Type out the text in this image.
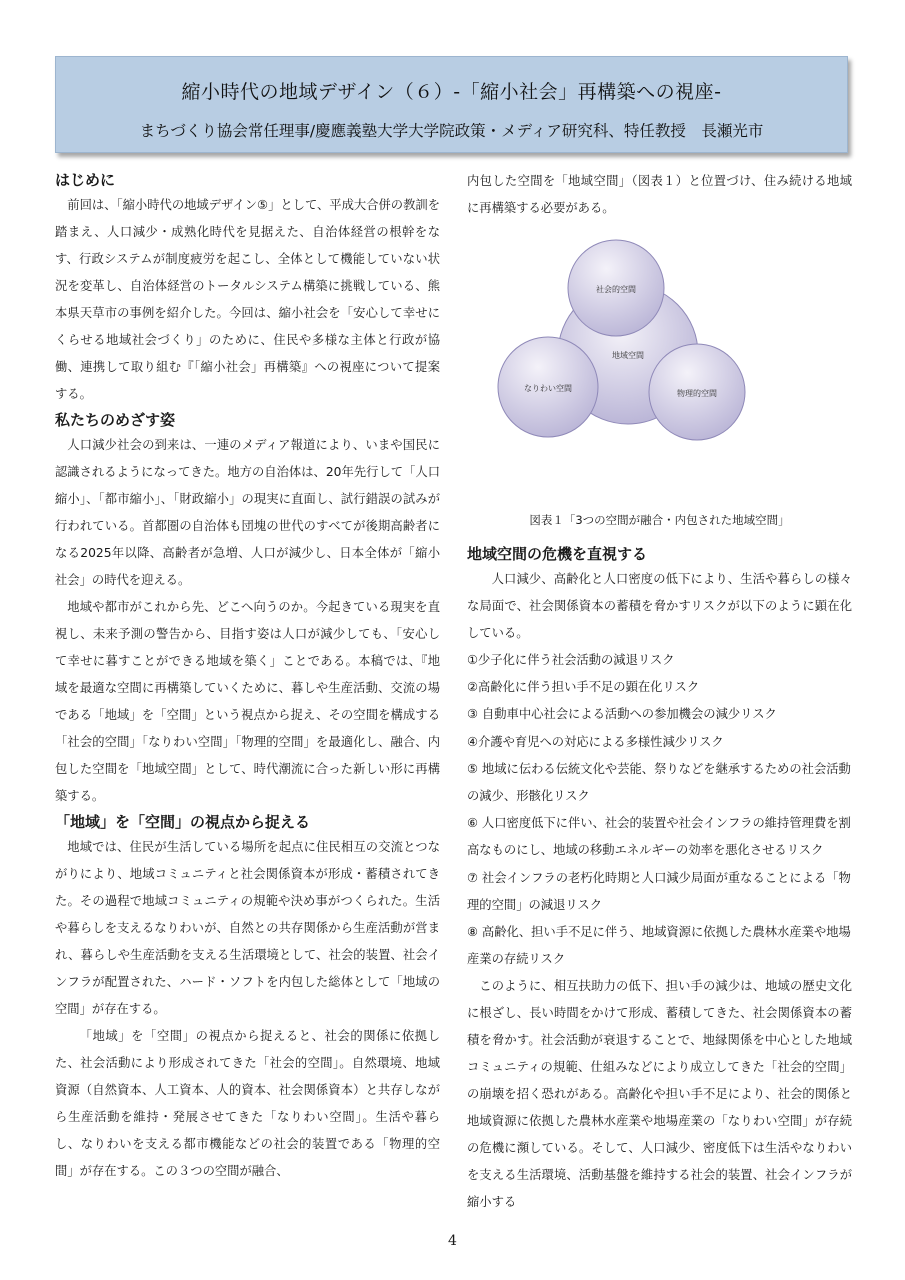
縮小時代の地域デザイン（６）-「縮小社会」再構築への視座-
まちづくり協会常任理事/慶應義塾大学大学院政策・メディア研究科、特任教授　長瀬光市
はじめに

前回は、「縮小時代の地域デザイン⑤」として、平成大合併の教訓を踏まえ、人口減少・成熟化時代を見据えた、自治体経営の根幹をなす、行政システムが制度疲労を起こし、全体として機能していない状況を変革し、自治体経営のトータルシステム構築に挑戦している、熊本県天草市の事例を紹介した。今回は、縮小社会を「安心して幸せにくらせる地域社会づくり」のために、住民や多様な主体と行政が協働、連携して取り組む『「縮小社会」再構築』への視座について提案する。

私たちのめざす姿

人口減少社会の到来は、一連のメディア報道により、いまや国民に認識されるようになってきた。地方の自治体は、20年先行して「人口縮小」、「都市縮小」、「財政縮小」の現実に直面し、試行錯誤の試みが行われている。首都圏の自治体も団塊の世代のすべてが後期高齢者になる2025年以降、高齢者が急増、人口が減少し、日本全体が「縮小社会」の時代を迎える。

地域や都市がこれから先、どこへ向うのか。今起きている現実を直視し、未来予測の警告から、目指す姿は人口が減少しても、「安心して幸せに暮すことができる地域を築く」ことである。本稿では、『地域を最適な空間に再構築していくために、暮しや生産活動、交流の場である「地域」を「空間」という視点から捉え、その空間を構成する「社会的空間」「なりわい空間」「物理的空間」を最適化し、融合、内包した空間を「地域空間」として、時代潮流に合った新しい形に再構築する。

「地域」を「空間」の視点から捉える

地域では、住民が生活している場所を起点に住民相互の交流とつながりにより、地域コミュニティと社会関係資本が形成・蓄積されてきた。その過程で地域コミュニティの規範や決め事がつくられた。生活や暮らしを支えるなりわいが、自然との共存関係から生産活動が営まれ、暮らしや生産活動を支える生活環境として、社会的装置、社会インフラが配置された、ハード・ソフトを内包した総体として「地域の空間」が存在する。

「地域」を「空間」の視点から捉えると、社会的関係に依拠した、社会活動により形成されてきた「社会的空間」。自然環境、地域資源（自然資本、人工資本、人的資本、社会関係資本）と共存しながら生産活動を維持・発展させてきた「なりわい空間」。生活や暮らし、なりわいを支える都市機能などの社会的装置である「物理的空間」が存在する。この３つの空間が融合、

内包した空間を「地域空間」（図表１）と位置づけ、住み続ける地域に再構築する必要がある。

社会的空間
地域空間
なりわい空間
物理的空間
図表１「3つの空間が融合・内包された地域空間」
地域空間の危機を直視する

人口減少、高齢化と人口密度の低下により、生活や暮らしの様々な局面で、社会関係資本の蓄積を脅かすリスクが以下のように顕在化している。

①少子化に伴う社会活動の減退リスク

②高齢化に伴う担い手不足の顕在化リスク

③ 自動車中心社会による活動への参加機会の減少リスク

④介護や育児への対応による多様性減少リスク

⑤ 地域に伝わる伝統文化や芸能、祭りなどを継承するための社会活動の減少、形骸化リスク

⑥ 人口密度低下に伴い、社会的装置や社会インフラの維持管理費を割高なものにし、地域の移動エネルギーの効率を悪化させるリスク

⑦ 社会インフラの老朽化時期と人口減少局面が重なることによる「物理的空間」の減退リスク

⑧ 高齢化、担い手不足に伴う、地域資源に依拠した農林水産業や地場産業の存続リスク

このように、相互扶助力の低下、担い手の減少は、地域の歴史文化に根ざし、長い時間をかけて形成、蓄積してきた、社会関係資本の蓄積を脅かす。社会活動が衰退することで、地縁関係を中心とした地域コミュニティの規範、仕組みなどにより成立してきた「社会的空間」の崩壊を招く恐れがある。高齢化や担い手不足により、社会的関係と地域資源に依拠した農林水産業や地場産業の「なりわい空間」が存続の危機に瀕している。そして、人口減少、密度低下は生活やなりわいを支える生活環境、活動基盤を維持する社会的装置、社会インフラが縮小する

4
